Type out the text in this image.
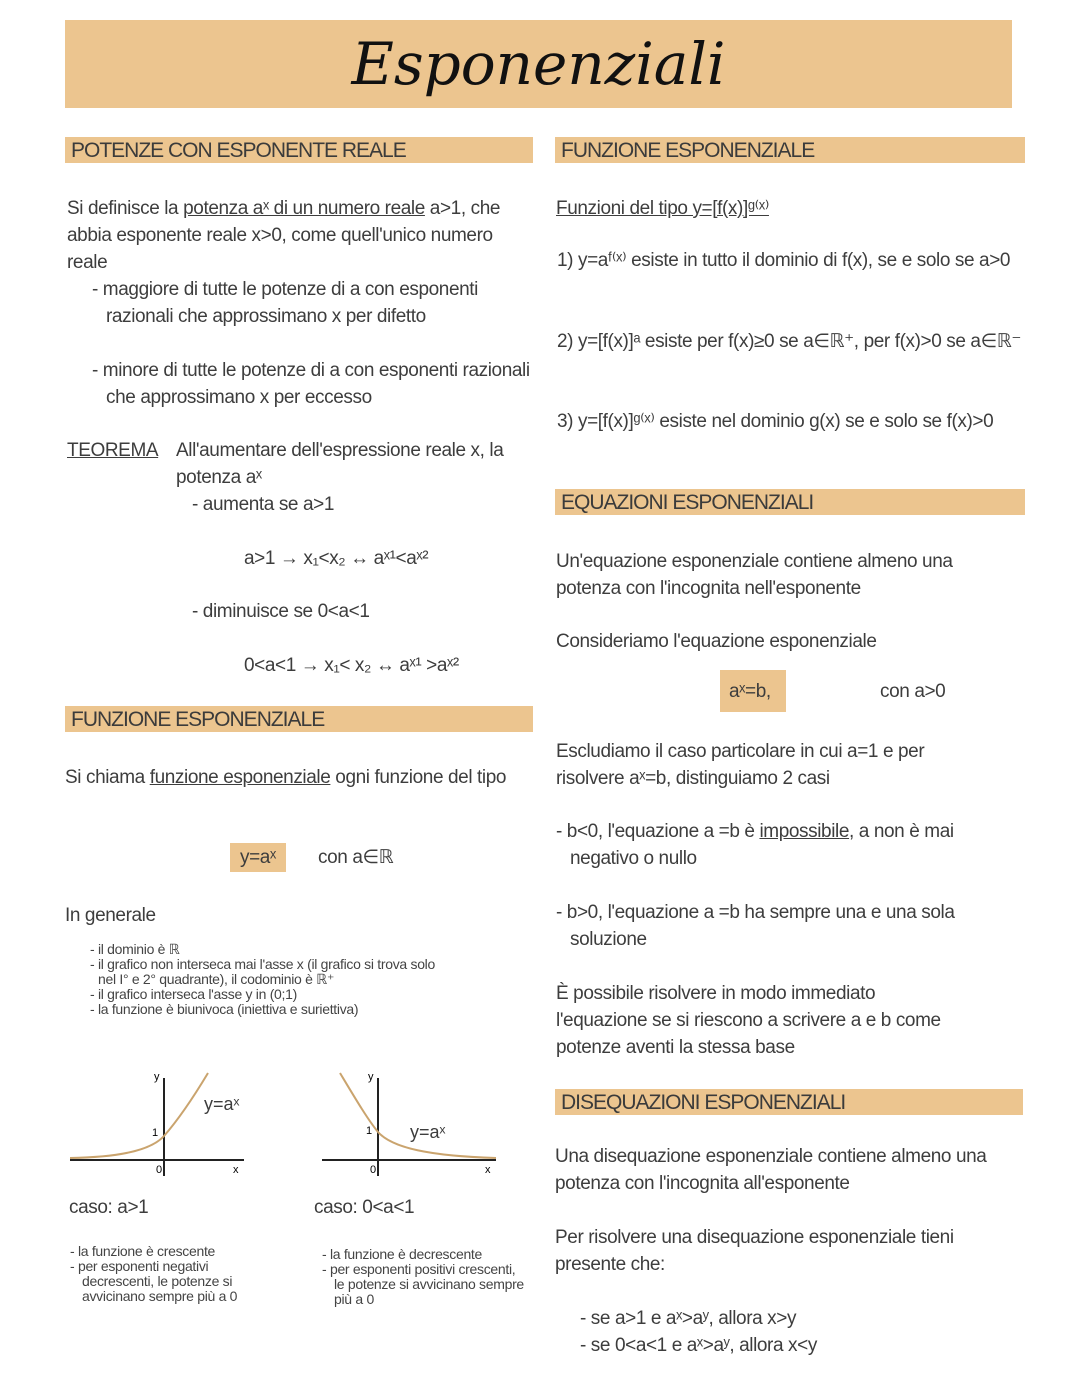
Esponenziali
POTENZE CON ESPONENTE REALE
Si definisce la potenza aˣ di un numero reale a>1, che abbia esponente reale x>0, come quell'unico numero reale
- maggiore di tutte le potenze di a con esponenti razionali che approssimano x per difetto
- minore di tutte le potenze di a con esponenti razionali che approssimano x per eccesso
TEOREMA All'aumentare dell'espressione reale x, la potenza aˣ
- aumenta se a>1
a>1 → x₁<x₂ ↔ aˣ¹<aˣ²
- diminuisce se 0<a<1
0<a<1 → x₁< x₂ ↔ aˣ¹ >aˣ²
FUNZIONE ESPONENZIALE
Si chiama funzione esponenziale ogni funzione del tipo
y=aˣ	con a∈ℝ
In generale
- il dominio è ℝ
- il grafico non interseca mai l'asse x (il grafico si trova solo nel I° e 2° quadrante), il codominio è ℝ⁺
- il grafico interseca l'asse y in (0;1)
- la funzione è biunivoca (iniettiva e suriettiva)
y
x
0
1
y=aˣ
caso: a>1
- la funzione è crescente
- per esponenti negativi decrescenti, le potenze si avvicinano sempre più a 0
y
x
0
1 y=aˣ
caso: 0<a<1
- la funzione è decrescente
- per esponenti positivi crescenti, le potenze si avvicinano sempre più a 0
FUNZIONE ESPONENZIALE
Funzioni del tipo y=[f(x)]ᵍ⁽ˣ⁾
1) y=aᶠ⁽ˣ⁾ esiste in tutto il dominio di f(x), se e solo se a>0
2) y=[f(x)]ᵃ esiste per f(x)≥0 se a∈ℝ⁺, per f(x)>0 se a∈ℝ⁻
3) y=[f(x)]ᵍ⁽ˣ⁾ esiste nel dominio g(x) se e solo se f(x)>0
EQUAZIONI ESPONENZIALI
Un'equazione esponenziale contiene almeno una potenza con l'incognita nell'esponente
Consideriamo l'equazione esponenziale
aˣ=b,	con a>0
Escludiamo il caso particolare in cui a=1 e per risolvere aˣ=b, distinguiamo 2 casi
- b<0, l'equazione a =b è impossibile, a non è mai negativo o nullo
- b>0, l'equazione a =b ha sempre una e una sola soluzione
È possibile risolvere in modo immediato l'equazione se si riescono a scrivere a e b come potenze aventi la stessa base
DISEQUAZIONI ESPONENZIALI
Una disequazione esponenziale contiene almeno una potenza con l'incognita all'esponente
Per risolvere una disequazione esponenziale tieni presente che:
- se a>1 e aˣ>aʸ, allora x>y
- se 0<a<1 e aˣ>aʸ, allora x<y
